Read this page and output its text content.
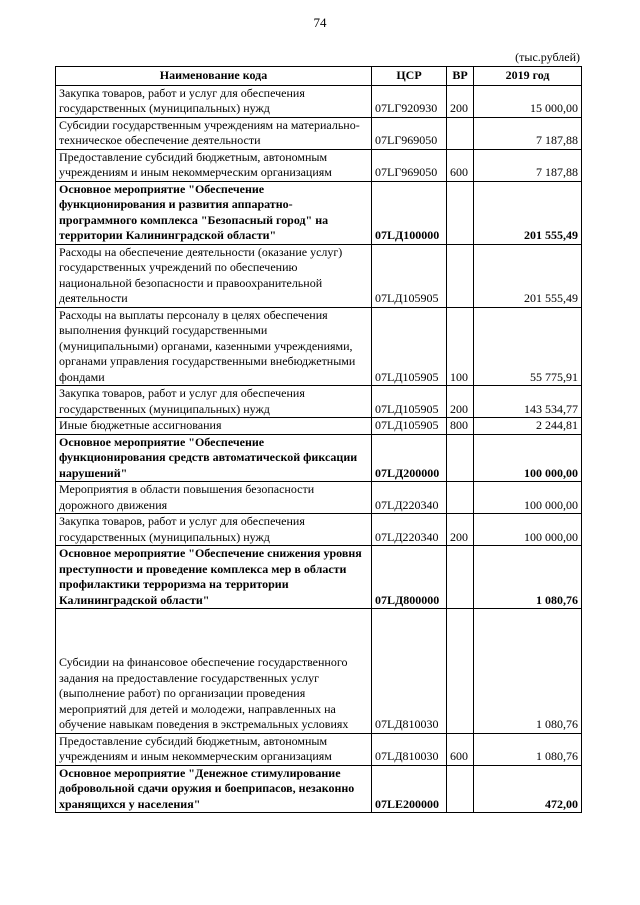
74
(тыс.рублей)
Наименование кода	ЦСР	ВР	2019 год
Закупка товаров, работ и услуг для обеспечения государственных (муниципальных) нужд	07LГ920930	200	15 000,00
Субсидии государственным учреждениям на материально-техническое обеспечение деятельности	07LГ969050		7 187,88
Предоставление субсидий бюджетным, автономным учреждениям и иным некоммерческим организациям	07LГ969050	600	7 187,88
Основное мероприятие "Обеспечение функционирования и развития аппаратно-программного комплекса "Безопасный город" на территории Калининградской области"	07LД100000		201 555,49
Расходы на обеспечение деятельности (оказание услуг) государственных учреждений по обеспечению национальной безопасности и правоохранительной деятельности	07LД105905		201 555,49
Расходы на выплаты персоналу в целях обеспечения выполнения функций государственными (муниципальными) органами, казенными учреждениями, органами управления государственными внебюджетными фондами	07LД105905	100	55 775,91
Закупка товаров, работ и услуг для обеспечения государственных (муниципальных) нужд	07LД105905	200	143 534,77
Иные бюджетные ассигнования	07LД105905	800	2 244,81
Основное мероприятие "Обеспечение функционирования средств автоматической фиксации нарушений"	07LД200000		100 000,00
Мероприятия в области повышения безопасности дорожного движения	07LД220340		100 000,00
Закупка товаров, работ и услуг для обеспечения государственных (муниципальных) нужд	07LД220340	200	100 000,00
Основное мероприятие "Обеспечение снижения уровня преступности и проведение комплекса мер в области профилактики терроризма на территории Калининградской области"	07LД800000		1 080,76
Субсидии на финансовое обеспечение государственного задания на предоставление государственных услуг (выполнение работ) по организации проведения мероприятий для детей и молодежи, направленных на обучение навыкам поведения в экстремальных условиях	07LД810030		1 080,76
Предоставление субсидий бюджетным, автономным учреждениям и иным некоммерческим организациям	07LД810030	600	1 080,76
Основное мероприятие "Денежное стимулирование добровольной сдачи оружия и боеприпасов, незаконно хранящихся у населения"	07LE200000		472,00
